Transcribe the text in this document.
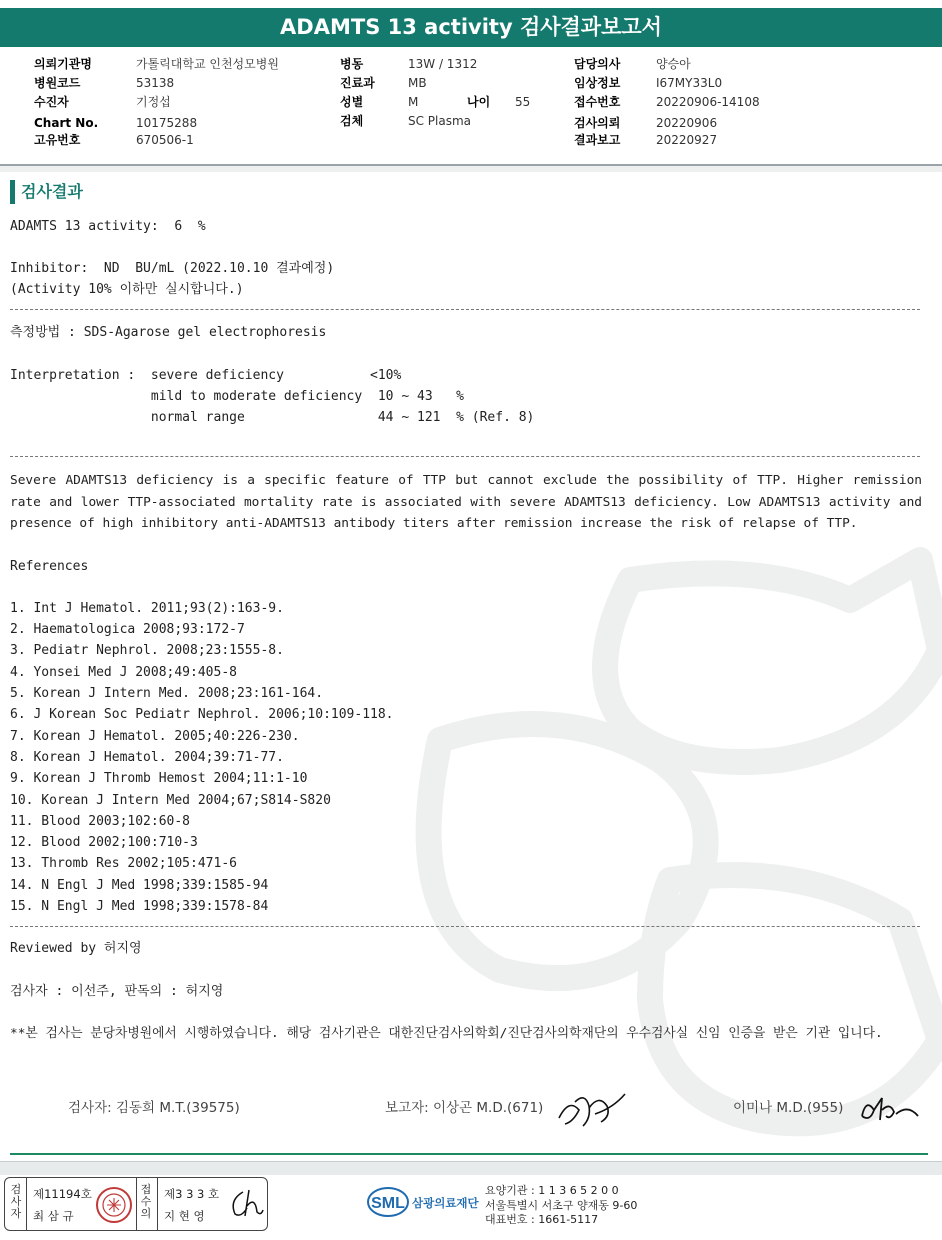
ADAMTS 13 activity 검사결과보고서
의뢰기관명	가톨릭대학교 인천성모병원
병원코드	53138
수진자	기정섭
Chart No.	10175288
고유번호	670506-1
병동	13W / 1312
진료과	MB
성별	M	나이 55
검체	SC Plasma
담당의사	양승아
임상정보	I67MY33L0
접수번호	20220906-14108
검사의뢰	20220906
결과보고	20220927
검사결과
ADAMTS 13 activity:  6  %
Inhibitor:  ND  BU/mL (2022.10.10 결과예정)
(Activity 10% 이하만 실시합니다.)
측정방법 : SDS-Agarose gel electrophoresis
Interpretation :  severe deficiency           <10%
mild to moderate deficiency  10 ~ 43   %
normal range                 44 ~ 121  % (Ref. 8)
Severe ADAMTS13 deficiency is a specific feature of TTP but cannot exclude the possibility of TTP. Higher remission rate and lower TTP-associated mortality rate is associated with severe ADAMTS13 deficiency. Low ADAMTS13 activity and presence of high inhibitory anti-ADAMTS13 antibody titers after remission increase the risk of relapse of TTP.
References
1. Int J Hematol. 2011;93(2):163-9.
2. Haematologica 2008;93:172-7
3. Pediatr Nephrol. 2008;23:1555-8.
4. Yonsei Med J 2008;49:405-8
5. Korean J Intern Med. 2008;23:161-164.
6. J Korean Soc Pediatr Nephrol. 2006;10:109-118.
7. Korean J Hematol. 2005;40:226-230.
8. Korean J Hematol. 2004;39:71-77.
9. Korean J Thromb Hemost 2004;11:1-10
10. Korean J Intern Med 2004;67;S814-S820
11. Blood 2003;102:60-8
12. Blood 2002;100:710-3
13. Thromb Res 2002;105:471-6
14. N Engl J Med 1998;339:1585-94
15. N Engl J Med 1998;339:1578-84
Reviewed by 허지영
검사자 : 이선주, 판독의 : 허지영
**본 검사는 분당차병원에서 시행하였습니다. 해당 검사기관은 대한진단검사의학회/진단검사의학재단의 우수검사실 신임 인증을 받은 기관 입니다.
검사자: 김동희 M.T.(39575)	보고자: 이상곤 M.D.(671)	이미나 M.D.(955)
검사자
제11194호
최 삼 규
접수의
제3 3 3 호
지 현 영
SML 삼광의료재단
요양기관 : 1 1 3 6 5 2 0 0
서울특별시 서초구 양재동 9-60
대표번호 : 1661-5117
